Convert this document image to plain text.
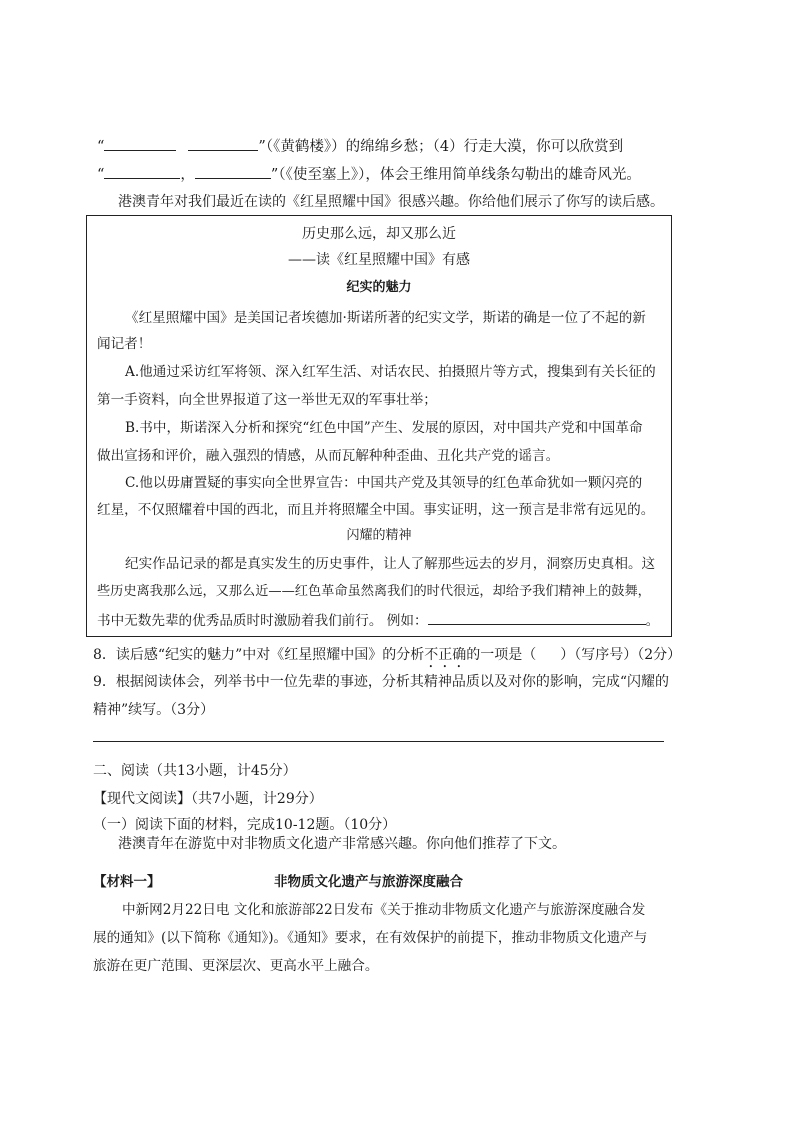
“	”（《黄鹤楼》）的绵绵乡愁；（4）行走大漠，你可以欣赏到
“	，	”（《使至塞上》），体会王维用简单线条勾勒出的雄奇风光。
港澳青年对我们最近在读的《红星照耀中国》很感兴趣。你给他们展示了你写的读后感。
历史那么远，却又那么近
——读《红星照耀中国》有感
纪实的魅力
《红星照耀中国》是美国记者埃德加·斯诺所著的纪实文学，斯诺的确是一位了不起的新
闻记者！
A.他通过采访红军将领、深入红军生活、对话农民、拍摄照片等方式，搜集到有关长征的
第一手资料，向全世界报道了这一举世无双的军事壮举；
B.书中，斯诺深入分析和探究“红色中国”产生、发展的原因，对中国共产党和中国革命
做出宣扬和评价，融入强烈的情感，从而瓦解种种歪曲、丑化共产党的谣言。
C.他以毋庸置疑的事实向全世界宣告：中国共产党及其领导的红色革命犹如一颗闪亮的
红星，不仅照耀着中国的西北，而且并将照耀全中国。事实证明，这一预言是非常有远见的。
闪耀的精神
纪实作品记录的都是真实发生的历史事件，让人了解那些远去的岁月，洞察历史真相。这
些历史离我那么远，又那么近——红色革命虽然离我们的时代很远，却给予我们精神上的鼓舞，
书中无数先辈的优秀品质时时激励着我们前行。 例如：	。
8．读后感“纪实的魅力”中对《红星照耀中国》的分析不正确的一项是（ ）（写序号）（2分）
9．根据阅读体会，列举书中一位先辈的事迹，分析其精神品质以及对你的影响，完成“闪耀的
精神”续写。（3分）
二、阅读（共13小题，计45分）
【现代文阅读】（共7小题，计29分）
（一）阅读下面的材料，完成10-12题。（10分）
港澳青年在游览中对非物质文化遗产非常感兴趣。你向他们推荐了下文。
【材料一】	非物质文化遗产与旅游深度融合
中新网2月22日电 文化和旅游部22日发布《关于推动非物质文化遗产与旅游深度融合发
展的通知》(以下简称《通知》)。《通知》要求，在有效保护的前提下，推动非物质文化遗产与
旅游在更广范围、更深层次、更高水平上融合。
